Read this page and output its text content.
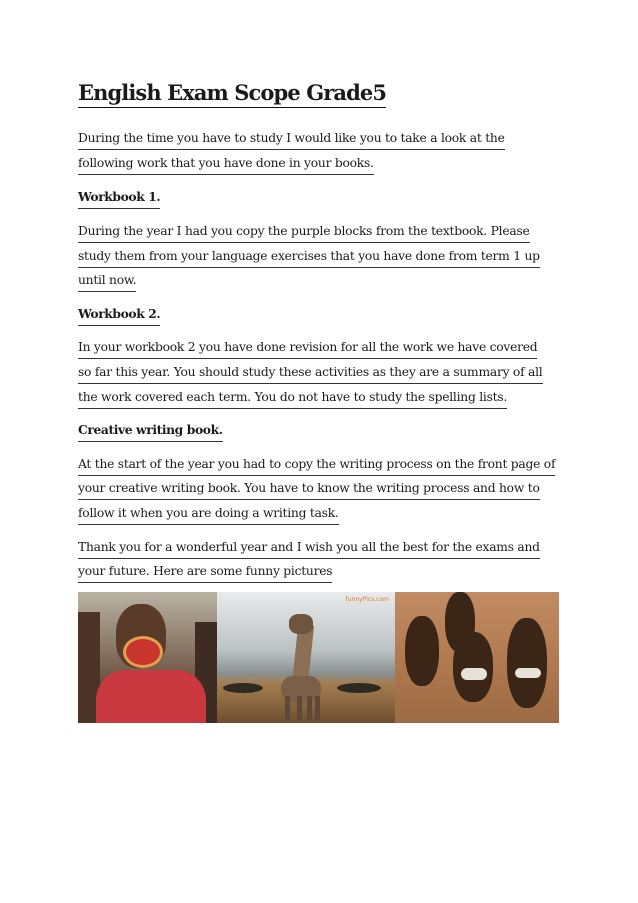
English Exam Scope Grade5
During the time you have to study I would like you to take a look at the
following work that you have done in your books.
Workbook 1.
During the year I had you copy the purple blocks from the textbook. Please
study them from your language exercises that you have done from term 1 up
until now.
Workbook 2.
In your workbook 2 you have done revision for all the work we have covered
so far this year. You should study these activities as they are a summary of all
the work covered each term. You do not have to study the spelling lists.
Creative writing book.
At the start of the year you had to copy the writing process on the front page of
your creative writing book. You have to know the writing process and how to
follow it when you are doing a writing task.
Thank you for a wonderful year and I wish you all the best for the exams and
your future. Here are some funny pictures
funnyPics.com
